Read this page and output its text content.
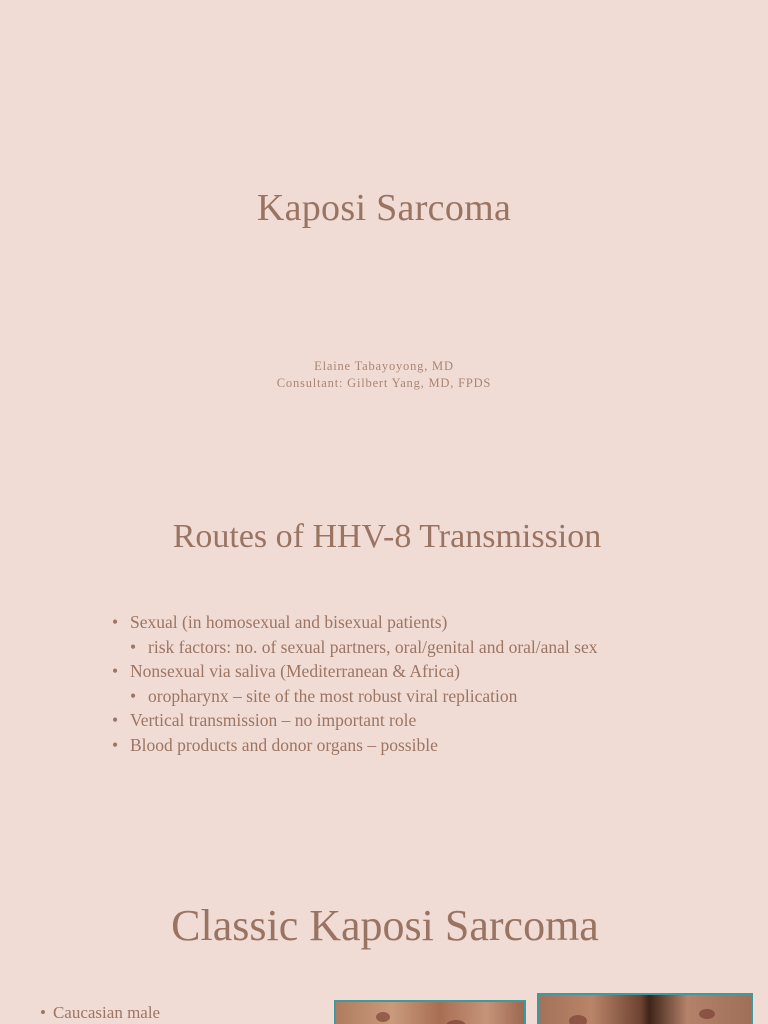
Kaposi Sarcoma
Elaine Tabayoyong, MD
Consultant: Gilbert Yang, MD, FPDS
Routes of HHV-8 Transmission
• Sexual (in homosexual and bisexual patients)
• risk factors: no. of sexual partners, oral/genital and oral/anal sex
• Nonsexual via saliva (Mediterranean & Africa)
• oropharynx – site of the most robust viral replication
• Vertical transmission – no important role
• Blood products and donor organs – possible
Classic Kaposi Sarcoma
• Caucasian male
